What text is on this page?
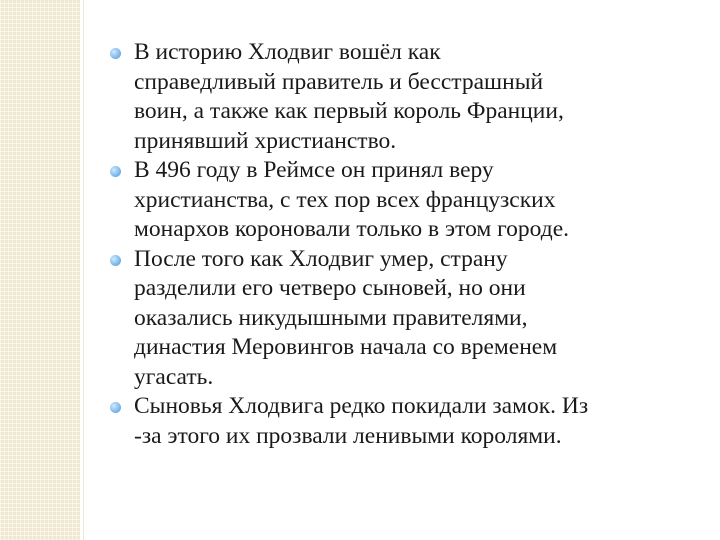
В историю Хлодвиг вошёл как
справедливый правитель и бесстрашный
воин, а также как первый король Франции,
принявший христианство.
В 496 году в Реймсе он принял веру
христианства, с тех пор всех французских
монархов короновали только в этом городе.
После того как Хлодвиг умер, страну
разделили его четверо сыновей, но они
оказались никудышными правителями,
династия Меровингов начала со временем
угасать.
Сыновья Хлодвига редко покидали замок. Из
-за этого их прозвали ленивыми королями.
